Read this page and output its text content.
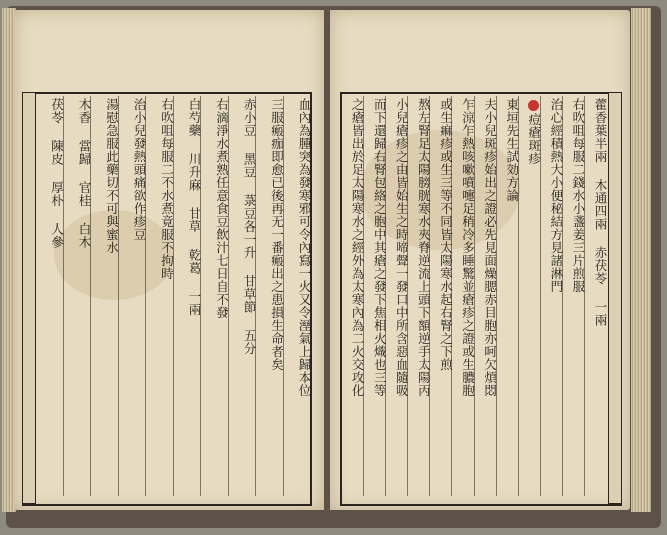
血內為腫突為發寒邪可令內寫一火又令溼氣上歸本位
三服瘢痂即愈已後再无一番瘢出之患損生命者矣
赤小豆 黑豆 菉豆各一升 甘草節 五分
右滴淨水煮熟任意食豆飲汁七日自不發
白芍藥 川升麻 甘草 乾葛 一兩
右吹咀每服二不水煮竟服不拘時
治小兒發熱頭痛欲作疹豆
湯慰急服此藥切不可與蜜水
木香 當歸 官桂 白木
茯苓 陳皮 厚朴 人參	藿香葉半兩 木通四兩 赤茯苓 一兩
右吹咀每服二錢水小盞姜三片煎服
治心經積熱大小便秘結方見諸淋門
痘瘡斑疹
東垣先生試効方論
夫小兒斑疹始出之證必先見面燥腮赤目胞亦呵欠煩悶
乍涼乍熱咳嗽噴嚏足稍冷多睡驚並瘡疹之證或生膿胞
或生痲疹或生三等不同皆太陽寒水起右腎之下煎
熬左腎足太陽膀胱寒水夾脊逆流上頭下額逆手太陽丙
小兒瘡疹之由皆始生之時啼聲一發口中所含惡血隨吸
而下還歸右腎包絡之胞中其瘡之發下焦相火熾也三等
之瘡皆出於足太陽寒水之經外為太寒內為二火交攻化
